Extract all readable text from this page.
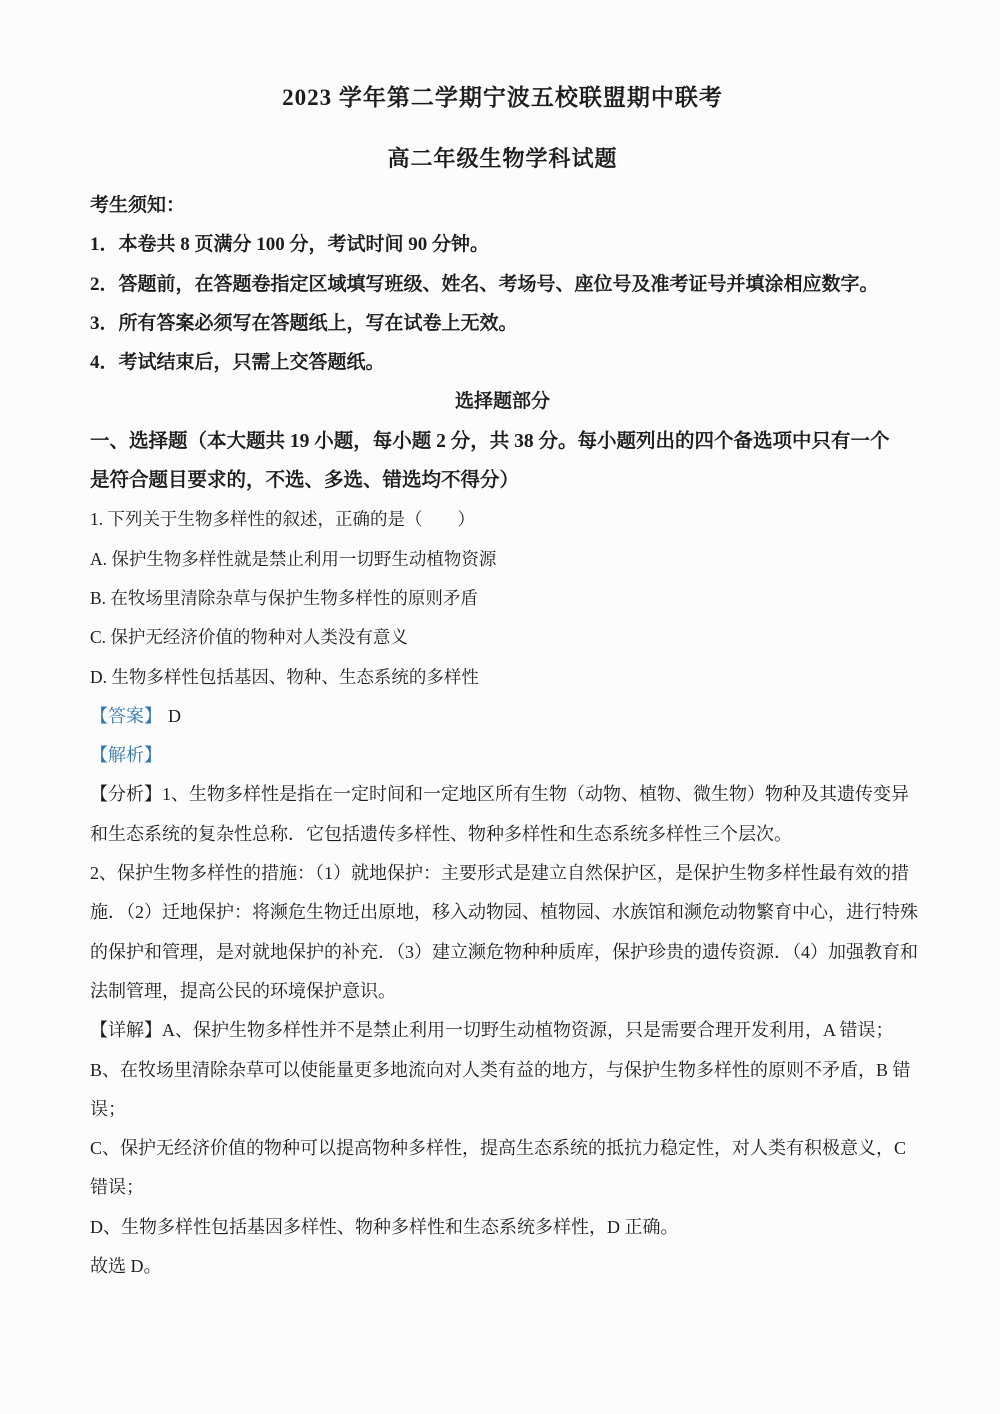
2023 学年第二学期宁波五校联盟期中联考
高二年级生物学科试题
考生须知：
1．本卷共 8 页满分 100 分，考试时间 90 分钟。
2．答题前，在答题卷指定区域填写班级、姓名、考场号、座位号及准考证号并填涂相应数字。
3．所有答案必须写在答题纸上，写在试卷上无效。
4．考试结束后，只需上交答题纸。
选择题部分
一、选择题（本大题共 19 小题，每小题 2 分，共 38 分。每小题列出的四个备选项中只有一个
是符合题目要求的，不选、多选、错选均不得分）
1. 下列关于生物多样性的叙述，正确的是（　　）
A. 保护生物多样性就是禁止利用一切野生动植物资源
B. 在牧场里清除杂草与保护生物多样性的原则矛盾
C. 保护无经济价值的物种对人类没有意义
D. 生物多样性包括基因、物种、生态系统的多样性
【答案】 D
【解析】
【分析】1、生物多样性是指在一定时间和一定地区所有生物（动物、植物、微生物）物种及其遗传变异
和生态系统的复杂性总称．它包括遗传多样性、物种多样性和生态系统多样性三个层次。
2、保护生物多样性的措施：（1）就地保护：主要形式是建立自然保护区，是保护生物多样性最有效的措
施．（2）迁地保护：将濒危生物迁出原地，移入动物园、植物园、水族馆和濒危动物繁育中心，进行特殊
的保护和管理，是对就地保护的补充．（3）建立濒危物种种质库，保护珍贵的遗传资源．（4）加强教育和
法制管理，提高公民的环境保护意识。
【详解】A、保护生物多样性并不是禁止利用一切野生动植物资源，只是需要合理开发利用，A 错误；
B、在牧场里清除杂草可以使能量更多地流向对人类有益的地方，与保护生物多样性的原则不矛盾，B 错
误；
C、保护无经济价值的物种可以提高物种多样性，提高生态系统的抵抗力稳定性，对人类有积极意义，C
错误；
D、生物多样性包括基因多样性、物种多样性和生态系统多样性，D 正确。
故选 D。
